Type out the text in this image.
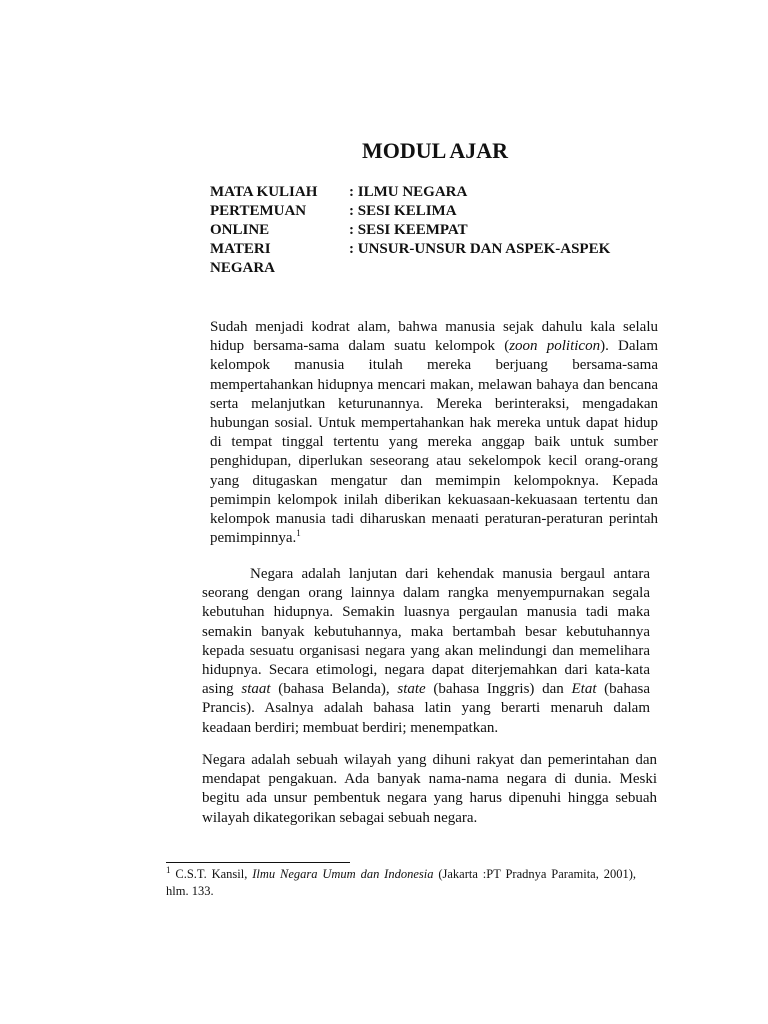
MODUL AJAR
MATA KULIAH	: ILMU NEGARA
PERTEMUAN	: SESI KELIMA
ONLINE	: SESI KEEMPAT
MATERI	: UNSUR-UNSUR DAN ASPEK-ASPEK
NEGARA

Sudah menjadi kodrat alam, bahwa manusia sejak dahulu kala selalu hidup bersama-sama dalam suatu kelompok (zoon politicon). Dalam kelompok manusia itulah mereka berjuang bersama-sama mempertahankan hidupnya mencari makan, melawan bahaya dan bencana serta melanjutkan keturunannya. Mereka berinteraksi, mengadakan hubungan sosial. Untuk mempertahankan hak mereka untuk dapat hidup di tempat tinggal tertentu yang mereka anggap baik untuk sumber penghidupan, diperlukan seseorang atau sekelompok kecil orang-orang yang ditugaskan mengatur dan memimpin kelompoknya. Kepada pemimpin kelompok inilah diberikan kekuasaan-kekuasaan tertentu dan kelompok manusia tadi diharuskan menaati peraturan-peraturan perintah pemimpinnya.$^1$

Negara adalah lanjutan dari kehendak manusia bergaul antara seorang dengan orang lainnya dalam rangka menyempurnakan segala kebutuhan hidupnya. Semakin luasnya pergaulan manusia tadi maka semakin banyak kebutuhannya, maka bertambah besar kebutuhannya kepada sesuatu organisasi negara yang akan melindungi dan memelihara hidupnya. Secara etimologi, negara dapat diterjemahkan dari kata-kata asing staat (bahasa Belanda), state (bahasa Inggris) dan Etat (bahasa Prancis). Asalnya adalah bahasa latin yang berarti menaruh dalam keadaan berdiri; membuat berdiri; menempatkan.

Negara adalah sebuah wilayah yang dihuni rakyat dan pemerintahan dan mendapat pengakuan. Ada banyak nama-nama negara di dunia. Meski begitu ada unsur pembentuk negara yang harus dipenuhi hingga sebuah wilayah dikategorikan sebagai sebuah negara.

$^1$ C.S.T. Kansil, Ilmu Negara Umum dan Indonesia (Jakarta :PT Pradnya Paramita, 2001), hlm. 133.
